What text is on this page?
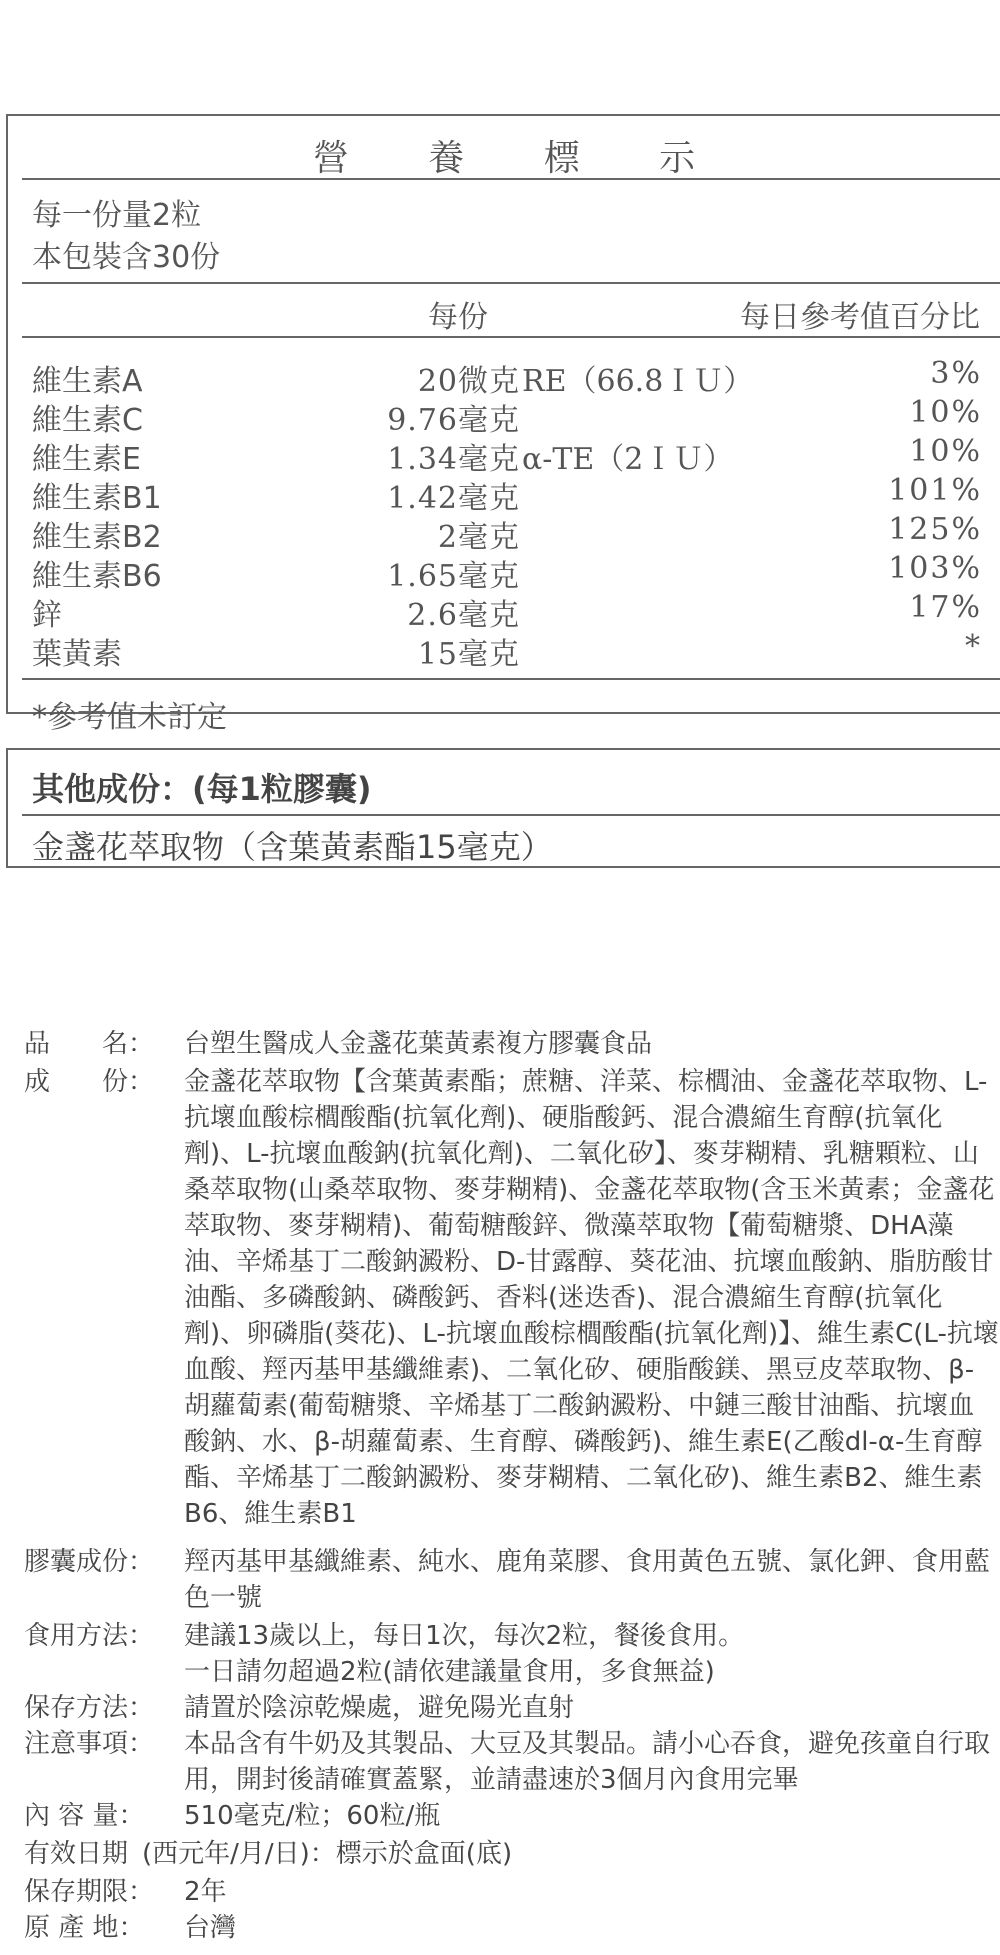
營 養 標 示
每一份量2粒
本包裝含30份
每份	每日參考值百分比
維生素A	20微克 RE（66.8ＩＵ）	3%
維生素C	9.76毫克	10%
維生素E	1.34毫克 α-TE（2ＩＵ）	10%
維生素B1	1.42毫克	101%
維生素B2	2毫克	125%
維生素B6	1.65毫克	103%
鋅	2.6毫克	17%
葉黃素	15毫克	*
*參考值未訂定
其他成份：(每1粒膠囊)
金盞花萃取物（含葉黃素酯15毫克）
品　　名：	台塑生醫成人金盞花葉黃素複方膠囊食品

成　　份：	金盞花萃取物【含葉黃素酯；蔗糖、洋菜、棕櫚油、金盞花萃取物、L-抗壞血酸棕櫚酸酯(抗氧化劑)、硬脂酸鈣、混合濃縮生育醇(抗氧化劑)、L-抗壞血酸鈉(抗氧化劑)、二氧化矽】、麥芽糊精、乳糖顆粒、山桑萃取物(山桑萃取物、麥芽糊精)、金盞花萃取物(含玉米黃素；金盞花萃取物、麥芽糊精)、葡萄糖酸鋅、微藻萃取物【葡萄糖漿、DHA藻油、辛烯基丁二酸鈉澱粉、D-甘露醇、葵花油、抗壞血酸鈉、脂肪酸甘油酯、多磷酸鈉、磷酸鈣、香料(迷迭香)、混合濃縮生育醇(抗氧化劑)、卵磷脂(葵花)、L-抗壞血酸棕櫚酸酯(抗氧化劑)】、維生素C(L-抗壞血酸、羥丙基甲基纖維素)、二氧化矽、硬脂酸鎂、黑豆皮萃取物、β-胡蘿蔔素(葡萄糖漿、辛烯基丁二酸鈉澱粉、中鏈三酸甘油酯、抗壞血酸鈉、水、β-胡蘿蔔素、生育醇、磷酸鈣)、維生素E(乙酸dl-α-生育醇酯、辛烯基丁二酸鈉澱粉、麥芽糊精、二氧化矽)、維生素B2、維生素B6、維生素B1

膠囊成份：	羥丙基甲基纖維素、純水、鹿角菜膠、食用黃色五號、氯化鉀、食用藍色一號

食用方法：	建議13歲以上，每日1次，每次2粒，餐後食用。

一日請勿超過2粒(請依建議量食用，多食無益)

保存方法：	請置於陰涼乾燥處，避免陽光直射

注意事項：	本品含有牛奶及其製品、大豆及其製品。請小心吞食，避免孩童自行取用，開封後請確實蓋緊，並請盡速於3個月內食用完畢

內 容 量：	510毫克/粒；60粒/瓶

有效日期 (西元年/月/日)：標示於盒面(底)

保存期限：	2年

原 產 地：	台灣
